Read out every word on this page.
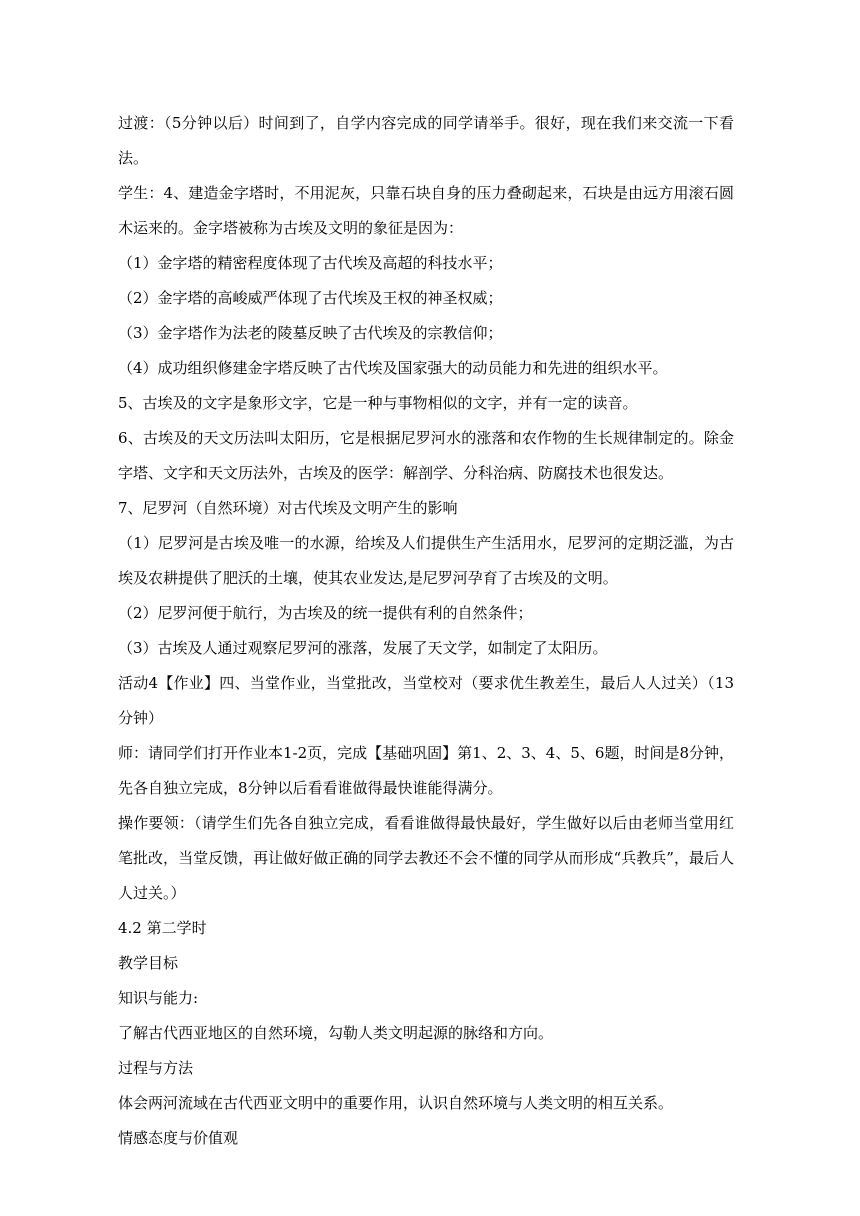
过渡：（5分钟以后）时间到了，自学内容完成的同学请举手。很好，现在我们来交流一下看法。

学生：4、建造金字塔时，不用泥灰，只靠石块自身的压力叠砌起来，石块是由远方用滚石圆木运来的。金字塔被称为古埃及文明的象征是因为：

（1）金字塔的精密程度体现了古代埃及高超的科技水平；

（2）金字塔的高峻威严体现了古代埃及王权的神圣权威；

（3）金字塔作为法老的陵墓反映了古代埃及的宗教信仰；

（4）成功组织修建金字塔反映了古代埃及国家强大的动员能力和先进的组织水平。

5、古埃及的文字是象形文字，它是一种与事物相似的文字，并有一定的读音。

6、古埃及的天文历法叫太阳历，它是根据尼罗河水的涨落和农作物的生长规律制定的。除金字塔、文字和天文历法外，古埃及的医学：解剖学、分科治病、防腐技术也很发达。

7、尼罗河（自然环境）对古代埃及文明产生的影响

（1）尼罗河是古埃及唯一的水源，给埃及人们提供生产生活用水，尼罗河的定期泛滥，为古埃及农耕提供了肥沃的土壤，使其农业发达,是尼罗河孕育了古埃及的文明。

（2）尼罗河便于航行，为古埃及的统一提供有利的自然条件；

（3）古埃及人通过观察尼罗河的涨落，发展了天文学，如制定了太阳历。

活动4【作业】四、当堂作业，当堂批改，当堂校对（要求优生教差生，最后人人过关）（13分钟）

师：请同学们打开作业本1-2页，完成【基础巩固】第1、2、3、4、5、6题，时间是8分钟，先各自独立完成，8分钟以后看看谁做得最快谁能得满分。

操作要领：（请学生们先各自独立完成，看看谁做得最快最好，学生做好以后由老师当堂用红笔批改，当堂反馈，再让做好做正确的同学去教还不会不懂的同学从而形成“兵教兵”，最后人人过关。）

4.2 第二学时

教学目标

知识与能力:

了解古代西亚地区的自然环境，勾勒人类文明起源的脉络和方向。

过程与方法

体会两河流域在古代西亚文明中的重要作用，认识自然环境与人类文明的相互关系。

情感态度与价值观
